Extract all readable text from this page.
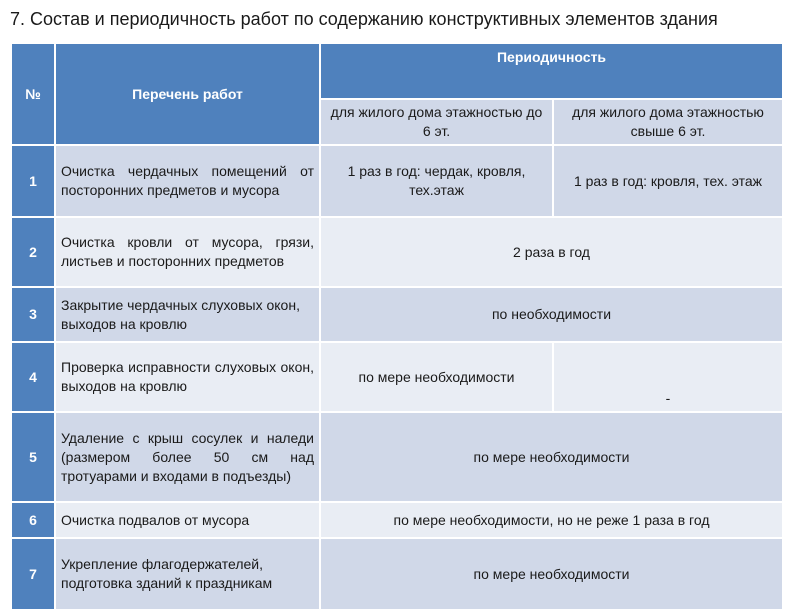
7. Состав и периодичность работ по содержанию конструктивных элементов здания
№	Перечень работ	Периодичность	
		для жилого дома этажностью до 6 эт.	для жилого дома этажностью свыше 6 эт.
1	Очистка чердачных помещений от посторонних предметов и мусора	1 раз в год: чердак, кровля, тех.этаж	1 раз в год: кровля, тех. этаж
2	Очистка кровли от мусора, грязи, листьев и посторонних предметов	2 раза в год	
3	Закрытие чердачных слуховых окон, выходов на кровлю	по необходимости	
4	Проверка исправности слуховых окон, выходов на кровлю	по мере необходимости	-
5	Удаление с крыш сосулек и наледи (размером более 50 см над тротуарами и входами в подъезды)	по мере необходимости	
6	Очистка подвалов от мусора	по мере необходимости, но не реже 1 раза в год	
7	Укрепление флагодержателей, подготовка зданий к праздникам	по мере необходимости	
